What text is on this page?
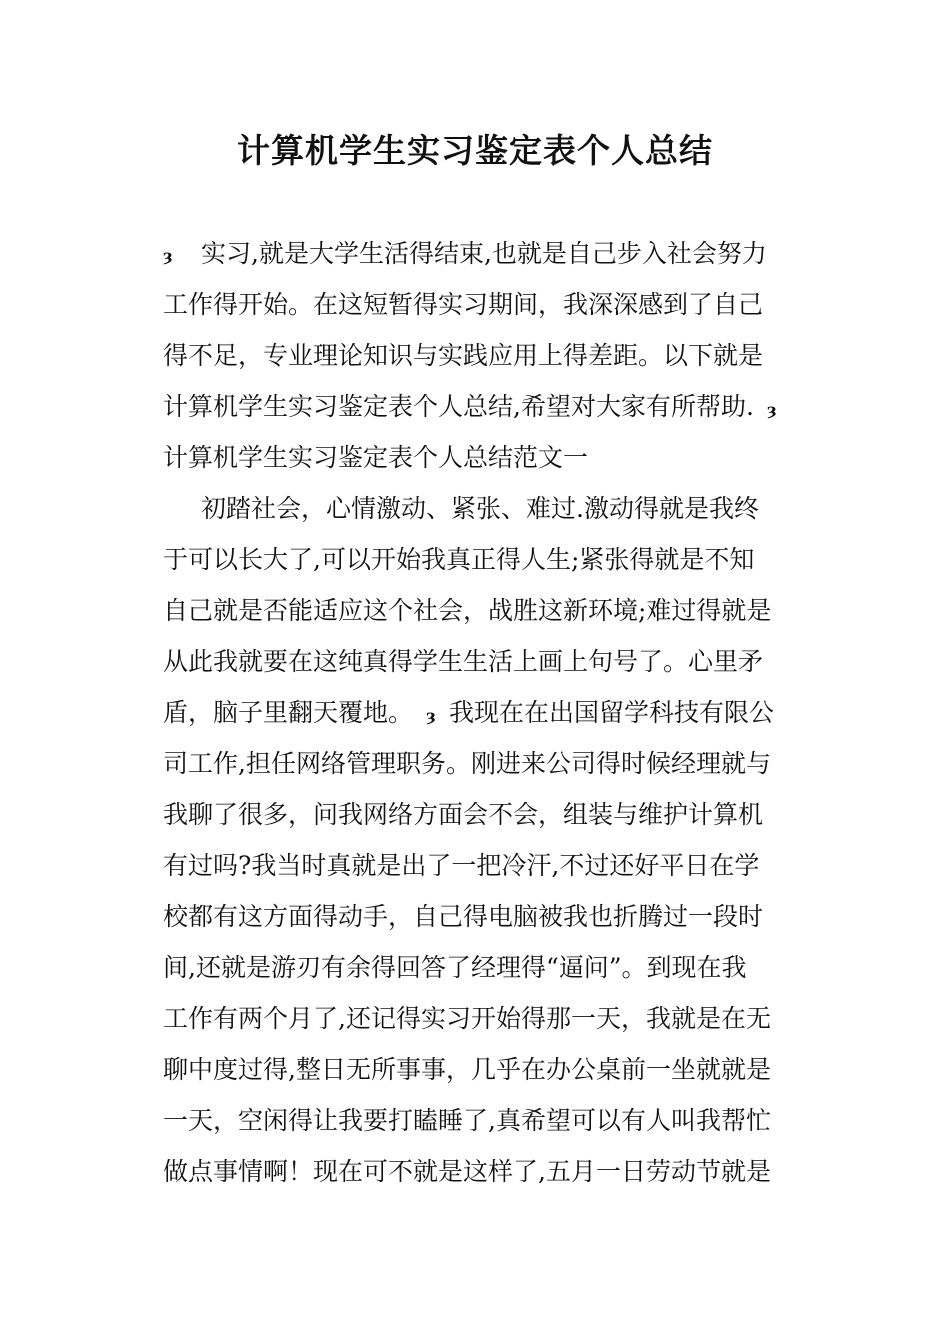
计算机学生实习鉴定表个人总结
ȝ 实习,就是大学生活得结束,也就是自己步入社会努力
工作得开始。在这短暂得实习期间，我深深感到了自己
得不足，专业理论知识与实践应用上得差距。以下就是
计算机学生实习鉴定表个人总结,希望对大家有所帮助. ȝ
计算机学生实习鉴定表个人总结范文一
初踏社会，心情激动、紧张、难过.激动得就是我终
于可以长大了,可以开始我真正得人生;紧张得就是不知
自己就是否能适应这个社会，战胜这新环境;难过得就是
从此我就要在这纯真得学生生活上画上句号了。心里矛
盾，脑子里翻天覆地。 ȝ 我现在在出国留学科技有限公
司工作,担任网络管理职务。刚进来公司得时候经理就与
我聊了很多，问我网络方面会不会，组装与维护计算机
有过吗?我当时真就是出了一把冷汗,不过还好平日在学
校都有这方面得动手，自己得电脑被我也折腾过一段时
间,还就是游刃有余得回答了经理得“逼问”。到现在我
工作有两个月了,还记得实习开始得那一天，我就是在无
聊中度过得,整日无所事事，几乎在办公桌前一坐就就是
一天，空闲得让我要打瞌睡了,真希望可以有人叫我帮忙
做点事情啊！现在可不就是这样了,五月一日劳动节就是
